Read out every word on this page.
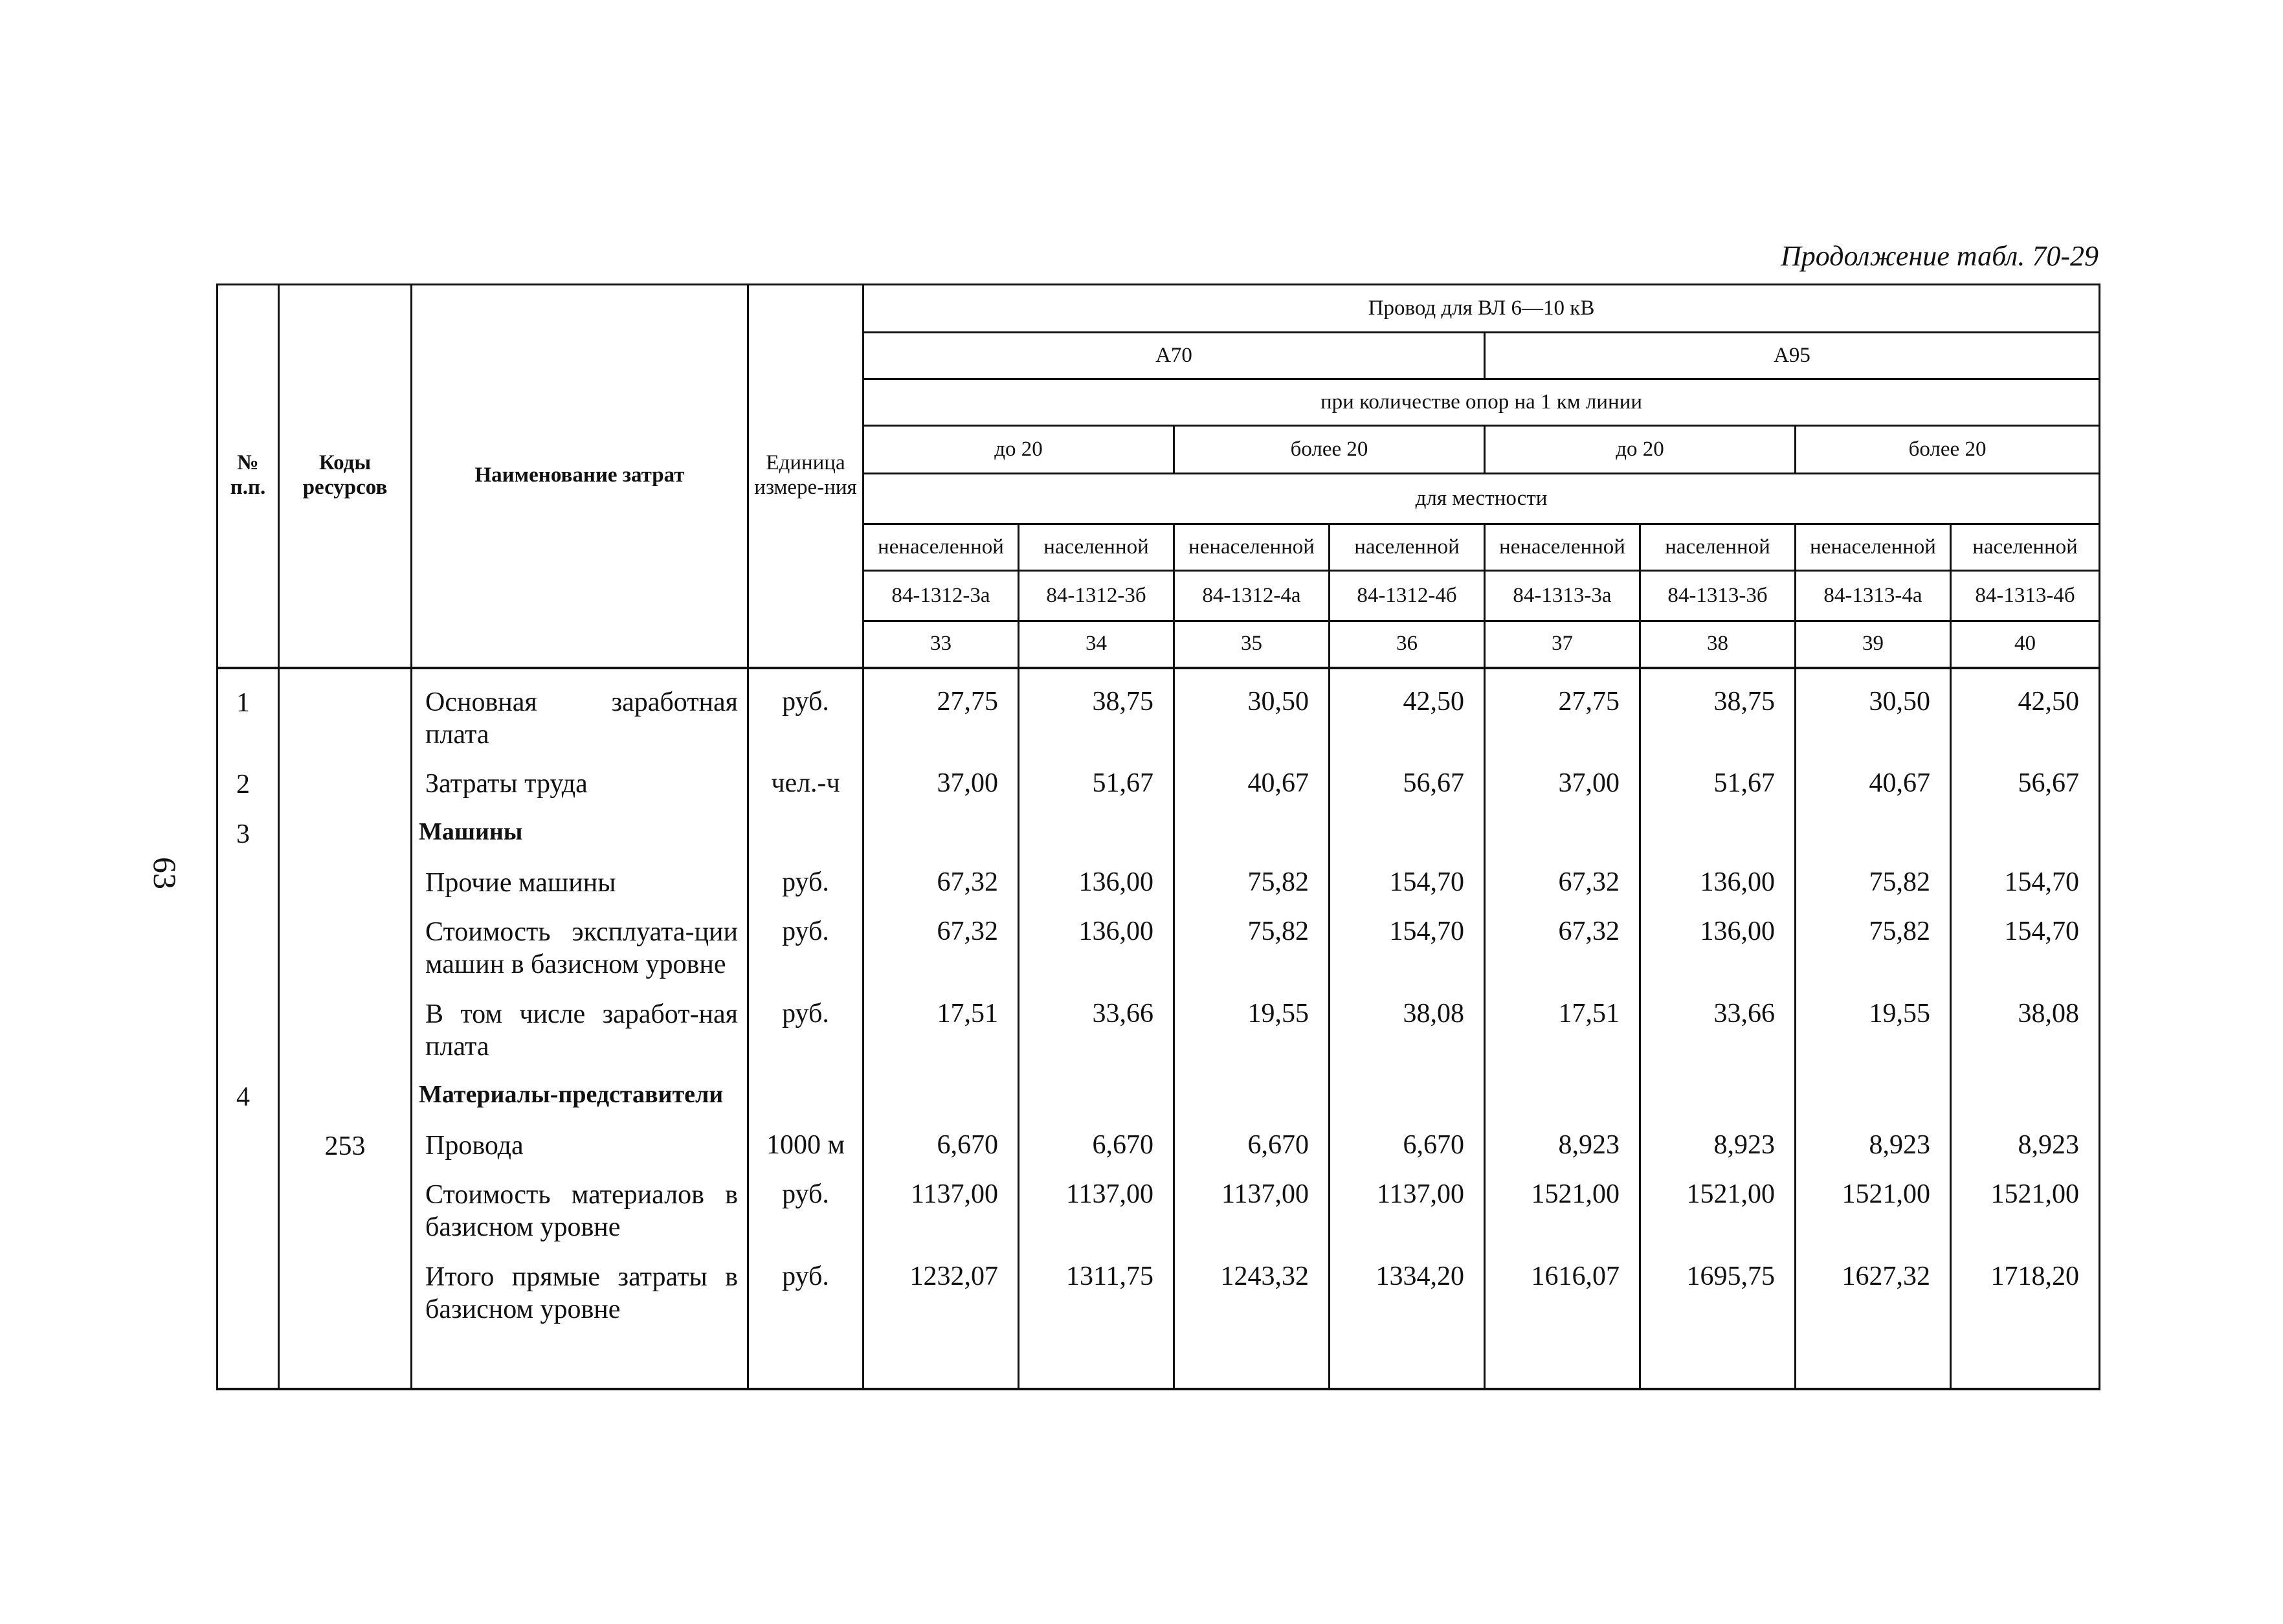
63
Продолжение табл. 70-29
№ п.п.	Коды ресурсов	Наименование затрат	Единица измере-ния	Провод для ВЛ 6—10 кВ							
				А70				А95			
				при количестве опор на 1 км линии							
				до 20		более 20		до 20		более 20	
				для местности							
				ненаселенной	населенной	ненаселенной	населенной	ненаселенной	населенной	ненаселенной	населенной
				84-1312-3а	84-1312-3б	84-1312-4а	84-1312-4б	84-1313-3а	84-1313-3б	84-1313-4а	84-1313-4б
				33	34	35	36	37	38	39	40
1		Основная заработная плата	руб.	27,75	38,75	30,50	42,50	27,75	38,75	30,50	42,50
2		Затраты труда	чел.-ч	37,00	51,67	40,67	56,67	37,00	51,67	40,67	56,67
3		Машины									
		Прочие машины	руб.	67,32	136,00	75,82	154,70	67,32	136,00	75,82	154,70
		Стоимость эксплуата-ции машин в базисном уровне	руб.	67,32	136,00	75,82	154,70	67,32	136,00	75,82	154,70
		В том числе заработ-ная плата	руб.	17,51	33,66	19,55	38,08	17,51	33,66	19,55	38,08
4		Материалы-представители									
	253	Провода	1000 м	6,670	6,670	6,670	6,670	8,923	8,923	8,923	8,923
		Стоимость материалов в базисном уровне	руб.	1137,00	1137,00	1137,00	1137,00	1521,00	1521,00	1521,00	1521,00
		Итого прямые затраты в базисном уровне	руб.	1232,07	1311,75	1243,32	1334,20	1616,07	1695,75	1627,32	1718,20
